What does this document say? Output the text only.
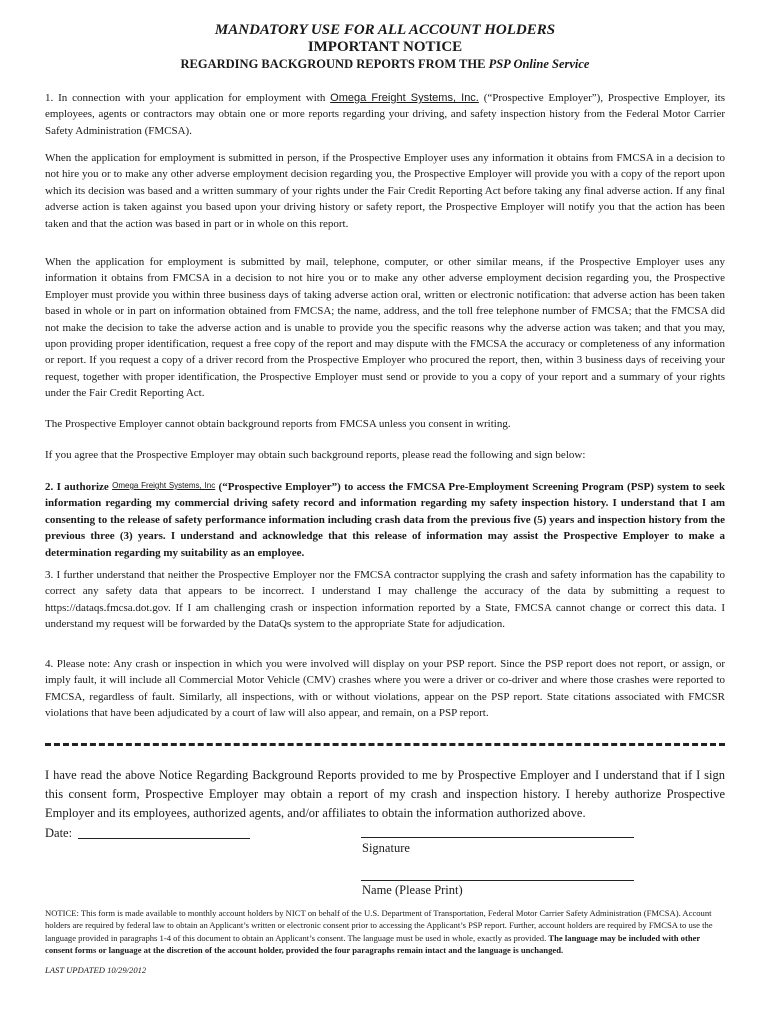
MANDATORY USE FOR ALL ACCOUNT HOLDERS
IMPORTANT NOTICE
REGARDING BACKGROUND REPORTS FROM THE PSP Online Service
1. In connection with your application for employment with Omega Freight Systems, Inc. (“Prospective Employer”), Prospective Employer, its employees, agents or contractors may obtain one or more reports regarding your driving, and safety inspection history from the Federal Motor Carrier Safety Administration (FMCSA).
When the application for employment is submitted in person, if the Prospective Employer uses any information it obtains from FMCSA in a decision to not hire you or to make any other adverse employment decision regarding you, the Prospective Employer will provide you with a copy of the report upon which its decision was based and a written summary of your rights under the Fair Credit Reporting Act before taking any final adverse action. If any final adverse action is taken against you based upon your driving history or safety report, the Prospective Employer will notify you that the action has been taken and that the action was based in part or in whole on this report.
When the application for employment is submitted by mail, telephone, computer, or other similar means, if the Prospective Employer uses any information it obtains from FMCSA in a decision to not hire you or to make any other adverse employment decision regarding you, the Prospective Employer must provide you within three business days of taking adverse action oral, written or electronic notification: that adverse action has been taken based in whole or in part on information obtained from FMCSA; the name, address, and the toll free telephone number of FMCSA; that the FMCSA did not make the decision to take the adverse action and is unable to provide you the specific reasons why the adverse action was taken; and that you may, upon providing proper identification, request a free copy of the report and may dispute with the FMCSA the accuracy or completeness of any information or report. If you request a copy of a driver record from the Prospective Employer who procured the report, then, within 3 business days of receiving your request, together with proper identification, the Prospective Employer must send or provide to you a copy of your report and a summary of your rights under the Fair Credit Reporting Act.
The Prospective Employer cannot obtain background reports from FMCSA unless you consent in writing.
If you agree that the Prospective Employer may obtain such background reports, please read the following and sign below:
2. I authorize Omega Freight Systems, Inc (“Prospective Employer”) to access the FMCSA Pre-Employment Screening Program (PSP) system to seek information regarding my commercial driving safety record and information regarding my safety inspection history. I understand that I am consenting to the release of safety performance information including crash data from the previous five (5) years and inspection history from the previous three (3) years. I understand and acknowledge that this release of information may assist the Prospective Employer to make a determination regarding my suitability as an employee.
3. I further understand that neither the Prospective Employer nor the FMCSA contractor supplying the crash and safety information has the capability to correct any safety data that appears to be incorrect. I understand I may challenge the accuracy of the data by submitting a request to https://dataqs.fmcsa.dot.gov. If I am challenging crash or inspection information reported by a State, FMCSA cannot change or correct this data. I understand my request will be forwarded by the DataQs system to the appropriate State for adjudication.
4. Please note: Any crash or inspection in which you were involved will display on your PSP report. Since the PSP report does not report, or assign, or imply fault, it will include all Commercial Motor Vehicle (CMV) crashes where you were a driver or co-driver and where those crashes were reported to FMCSA, regardless of fault. Similarly, all inspections, with or without violations, appear on the PSP report. State citations associated with FMCSR violations that have been adjudicated by a court of law will also appear, and remain, on a PSP report.
I have read the above Notice Regarding Background Reports provided to me by Prospective Employer and I understand that if I sign this consent form, Prospective Employer may obtain a report of my crash and inspection history. I hereby authorize Prospective Employer and its employees, authorized agents, and/or affiliates to obtain the information authorized above.
Date:
Signature
Name (Please Print)
NOTICE: This form is made available to monthly account holders by NICT on behalf of the U.S. Department of Transportation, Federal Motor Carrier Safety Administration (FMCSA). Account holders are required by federal law to obtain an Applicant’s written or electronic consent prior to accessing the Applicant’s PSP report. Further, account holders are required by FMCSA to use the language provided in paragraphs 1-4 of this document to obtain an Applicant’s consent. The language must be used in whole, exactly as provided. The language may be included with other consent forms or language at the discretion of the account holder, provided the four paragraphs remain intact and the language is unchanged.
LAST UPDATED 10/29/2012
